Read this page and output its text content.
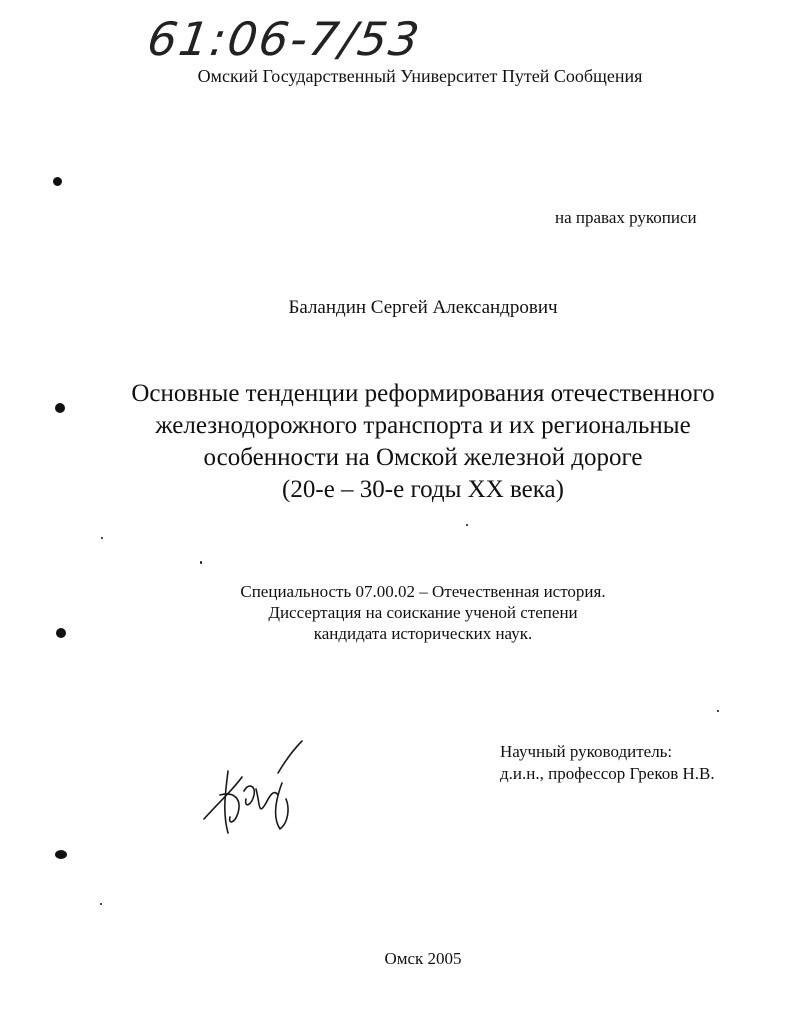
61:06-7/53
Омский Государственный Университет Путей Сообщения
на правах рукописи
Баландин Сергей Александрович
Основные тенденции реформирования отечественного
железнодорожного транспорта и их региональные
особенности на Омской железной дороге
(20-е – 30-е годы XX века)
Специальность 07.00.02 – Отечественная история.
Диссертация на соискание ученой степени
кандидата исторических наук.
Научный руководитель:
д.и.н., профессор Греков Н.В.
Омск 2005
